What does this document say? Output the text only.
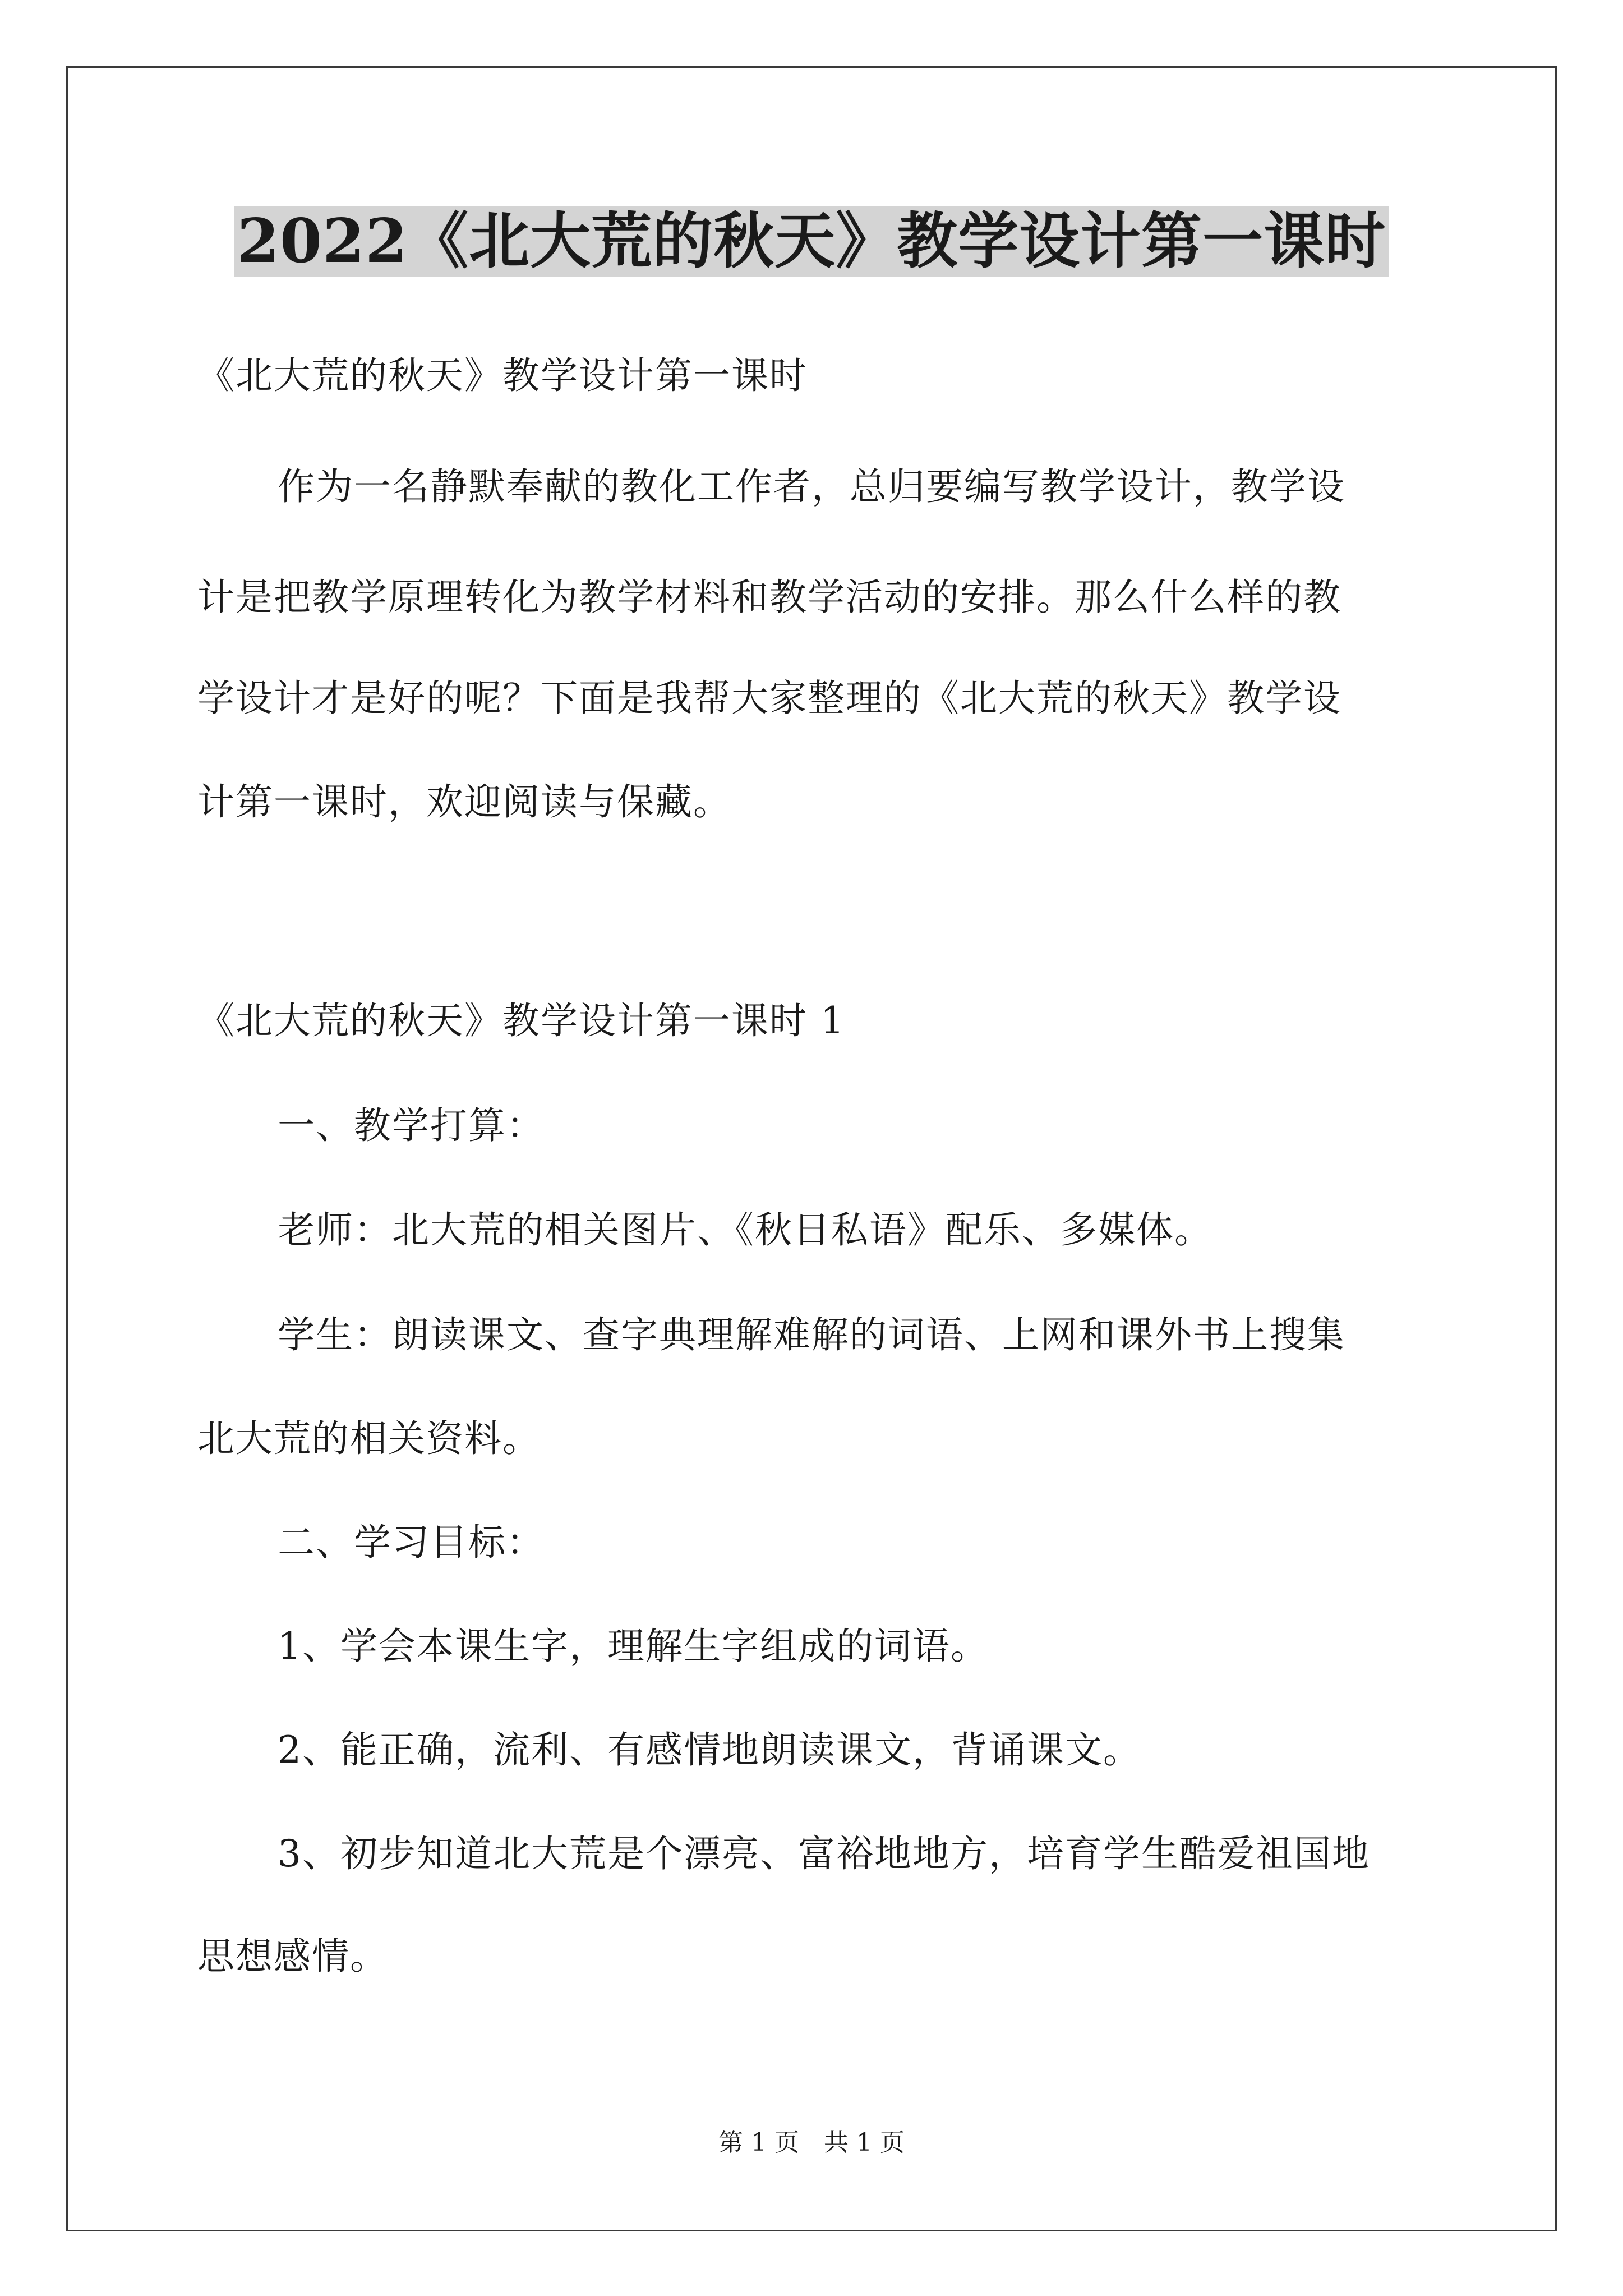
2022《北大荒的秋天》教学设计第一课时
《北大荒的秋天》教学设计第一课时
作为一名静默奉献的教化工作者，总归要编写教学设计，教学设
计是把教学原理转化为教学材料和教学活动的安排。那么什么样的教
学设计才是好的呢？下面是我帮大家整理的《北大荒的秋天》教学设
计第一课时，欢迎阅读与保藏。
《北大荒的秋天》教学设计第一课时 1
一、教学打算：
老师：北大荒的相关图片、《秋日私语》配乐、多媒体。
学生：朗读课文、查字典理解难解的词语、上网和课外书上搜集
北大荒的相关资料。
二、学习目标：
1、学会本课生字，理解生字组成的词语。
2、能正确，流利、有感情地朗读课文，背诵课文。
3、初步知道北大荒是个漂亮、富裕地地方，培育学生酷爱祖国地
思想感情。
第 1 页　共 1 页
